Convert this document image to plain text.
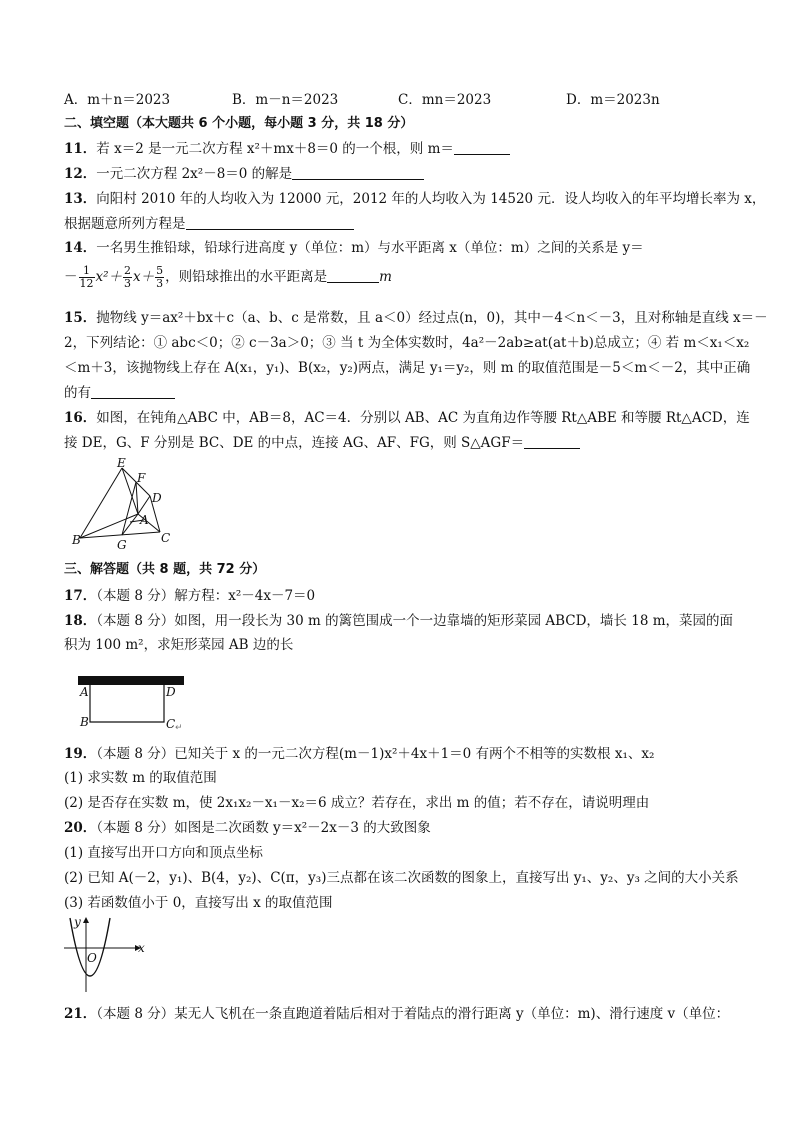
A．m＋n＝2023	B．m－n＝2023	C．mn＝2023	D．m＝2023n
二、填空题（本大题共 6 个小题，每小题 3 分，共 18 分）
11．若 x＝2 是一元二次方程 x²＋mx＋8＝0 的一个根，则 m＝
12．一元二次方程 2x²－8＝0 的解是
13．向阳村 2010 年的人均收入为 12000 元，2012 年的人均收入为 14520 元．设人均收入的年平均增长率为 x，
根据题意所列方程是
14．一名男生推铅球，铅球行进高度 y（单位：m）与水平距离 x（单位：m）之间的关系是 y＝
－ $\frac{1}{12} x^2+ \frac{2}{3} x+ \frac{5}{3}$ ，则铅球推出的水平距离是	m
15．抛物线 y＝ax²＋bx＋c（a、b、c 是常数，且 a＜0）经过点(n，0)，其中－4＜n＜－3，且对称轴是直线 x＝－
2，下列结论：① abc＜0；② c－3a＞0；③ 当 t 为全体实数时，4a²－2ab≥at(at＋b)总成立；④ 若 m＜x₁＜x₂
＜m＋3，该抛物线上存在 A(x₁，y₁)、B(x₂，y₂)两点，满足 y₁＝y₂，则 m 的取值范围是－5＜m＜－2，其中正确
的有
16．如图，在钝角△ABC 中，AB＝8，AC＝4．分别以 AB、AC 为直角边作等腰 Rt△ABE 和等腰 Rt△ACD，连
接 DE，G、F 分别是 BC、DE 的中点，连接 AG、AF、FG，则 S△AGF＝
E
F
D
A
B	G	C
三、解答题（共 8 题，共 72 分）
17．（本题 8 分）解方程：x²－4x－7＝0
18．（本题 8 分）如图，用一段长为 30 m 的篱笆围成一个一边靠墙的矩形菜园 ABCD，墙长 18 m，菜园的面
积为 100 m²，求矩形菜园 AB 边的长
A	D
B	C ↵
19．（本题 8 分）已知关于 x 的一元二次方程(m－1)x²＋4x＋1＝0 有两个不相等的实数根 x₁、x₂
(1) 求实数 m 的取值范围
(2) 是否存在实数 m，使 2x₁x₂－x₁－x₂＝6 成立？若存在，求出 m 的值；若不存在，请说明理由
20．（本题 8 分）如图是二次函数 y＝x²－2x－3 的大致图象
(1) 直接写出开口方向和顶点坐标
(2) 已知 A(－2，y₁)、B(4，y₂)、C(π，y₃)三点都在该二次函数的图象上，直接写出 y₁、y₂、y₃ 之间的大小关系
(3) 若函数值小于 0，直接写出 x 的取值范围
y
x
O
21．（本题 8 分）某无人飞机在一条直跑道着陆后相对于着陆点的滑行距离 y（单位：m)、滑行速度 v（单位：
